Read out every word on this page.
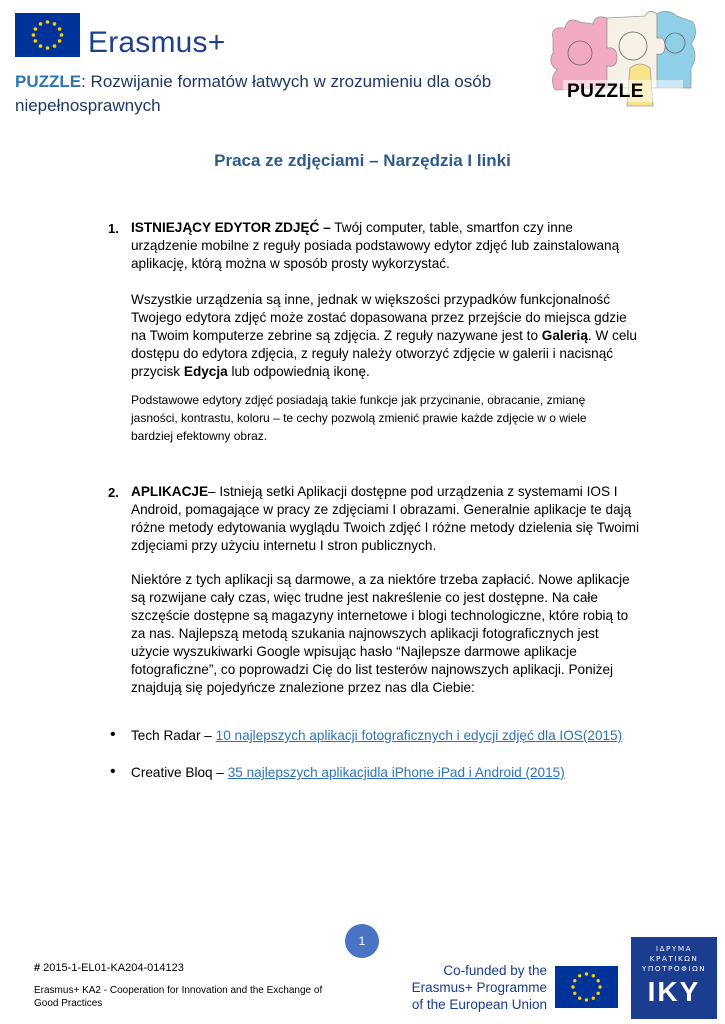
Erasmus+
PUZZLE: Rozwijanie formatów łatwych w zrozumieniu dla osób niepełnosprawnych
PUZZLE
Praca ze zdjęciami – Narzędzia I linki
1. ISTNIEJĄCY EDYTOR ZDJĘĆ – Twój computer, table, smartfon czy inne urządzenie mobilne z reguły posiada podstawowy edytor zdjęć lub zainstalowaną aplikację, którą można w sposób prosty wykorzystać.
Wszystkie urządzenia są inne, jednak w większości przypadków funkcjonalność Twojego edytora zdjęć może zostać dopasowana przez przejście do miejsca gdzie na Twoim komputerze zebrine są zdjęcia. Z reguły nazywane jest to Galerią. W celu dostępu do edytora zdjęcia, z reguły należy otworzyć zdjęcie w galerii i nacisnąć przycisk Edycja lub odpowiednią ikonę.
Podstawowe edytory zdjęć posiadają takie funkcje jak przycinanie, obracanie, zmianę jasności, kontrastu, koloru – te cechy pozwolą zmienić prawie każde zdjęcie w o wiele bardziej efektowny obraz.
2. APLIKACJE– Istnieją setki Aplikacji dostępne pod urządzenia z systemami IOS I Android, pomagające w pracy ze zdjęciami I obrazami. Generalnie aplikacje te dają różne metody edytowania wyglądu Twoich zdjęć I różne metody dzielenia się Twoimi zdjęciami przy użyciu internetu I stron publicznych.
Niektóre z tych aplikacji są darmowe, a za niektóre trzeba zapłacić. Nowe aplikacje są rozwijane cały czas, więc trudne jest nakreślenie co jest dostępne. Na całe szczęście dostępne są magazyny internetowe i blogi technologiczne, które robią to za nas. Najlepszą metodą szukania najnowszych aplikacji fotograficznych jest użycie wyszukiwarki Google wpisując hasło “Najlepsze darmowe aplikacje fotograficzne”, co poprowadzi Cię do list testerów najnowszych aplikacji. Poniżej znajdują się pojedyńcze znalezione przez nas dla Ciebie:
• Tech Radar – 10 najlepszych aplikacji fotograficznych i edycji zdjęć dla IOS(2015)
• Creative Bloq – 35 najlepszych aplikacjidla iPhone iPad i Android (2015)
1
# 2015-1-EL01-KA204-014123
Erasmus+ KA2 - Cooperation for Innovation and the Exchange of Good Practices
Co-funded by the Erasmus+ Programme of the European Union
ΙΔΡΥΜΑ
ΚΡΑΤΙΚΩΝ
ΥΠΟΤΡΟΦΙΩΝ
IKY
